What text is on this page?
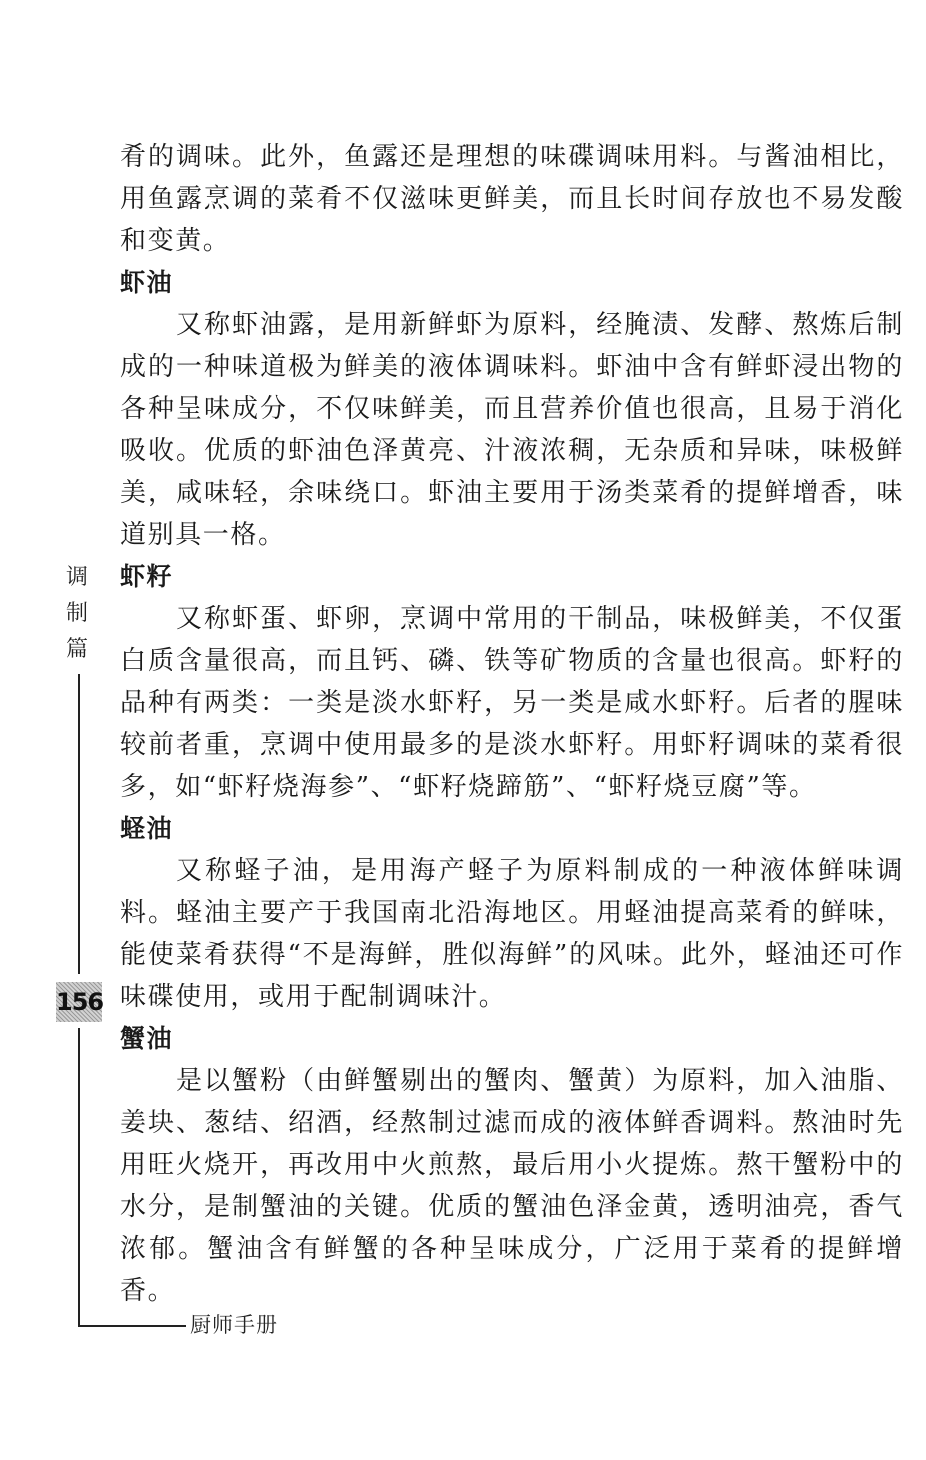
调
制
篇
156
厨师手册

肴的调味。此外，鱼露还是理想的味碟调味用料。与酱油相比，用鱼露烹调的菜肴不仅滋味更鲜美，而且长时间存放也不易发酸和变黄。

虾油

又称虾油露，是用新鲜虾为原料，经腌渍、发酵、熬炼后制成的一种味道极为鲜美的液体调味料。虾油中含有鲜虾浸出物的各种呈味成分，不仅味鲜美，而且营养价值也很高，且易于消化吸收。优质的虾油色泽黄亮、汁液浓稠，无杂质和异味，味极鲜美，咸味轻，余味绕口。虾油主要用于汤类菜肴的提鲜增香，味道别具一格。

虾籽

又称虾蛋、虾卵，烹调中常用的干制品，味极鲜美，不仅蛋白质含量很高，而且钙、磷、铁等矿物质的含量也很高。虾籽的品种有两类：一类是淡水虾籽，另一类是咸水虾籽。后者的腥味较前者重，烹调中使用最多的是淡水虾籽。用虾籽调味的菜肴很多，如“虾籽烧海参”、“虾籽烧蹄筋”、“虾籽烧豆腐”等。

蛏油

又称蛏子油，是用海产蛏子为原料制成的一种液体鲜味调料。蛏油主要产于我国南北沿海地区。用蛏油提高菜肴的鲜味，能使菜肴获得“不是海鲜，胜似海鲜”的风味。此外，蛏油还可作味碟使用，或用于配制调味汁。

蟹油

是以蟹粉（由鲜蟹剔出的蟹肉、蟹黄）为原料，加入油脂、姜块、葱结、绍酒，经熬制过滤而成的液体鲜香调料。熬油时先用旺火烧开，再改用中火煎熬，最后用小火提炼。熬干蟹粉中的水分，是制蟹油的关键。优质的蟹油色泽金黄，透明油亮，香气浓郁。蟹油含有鲜蟹的各种呈味成分，广泛用于菜肴的提鲜增香。
